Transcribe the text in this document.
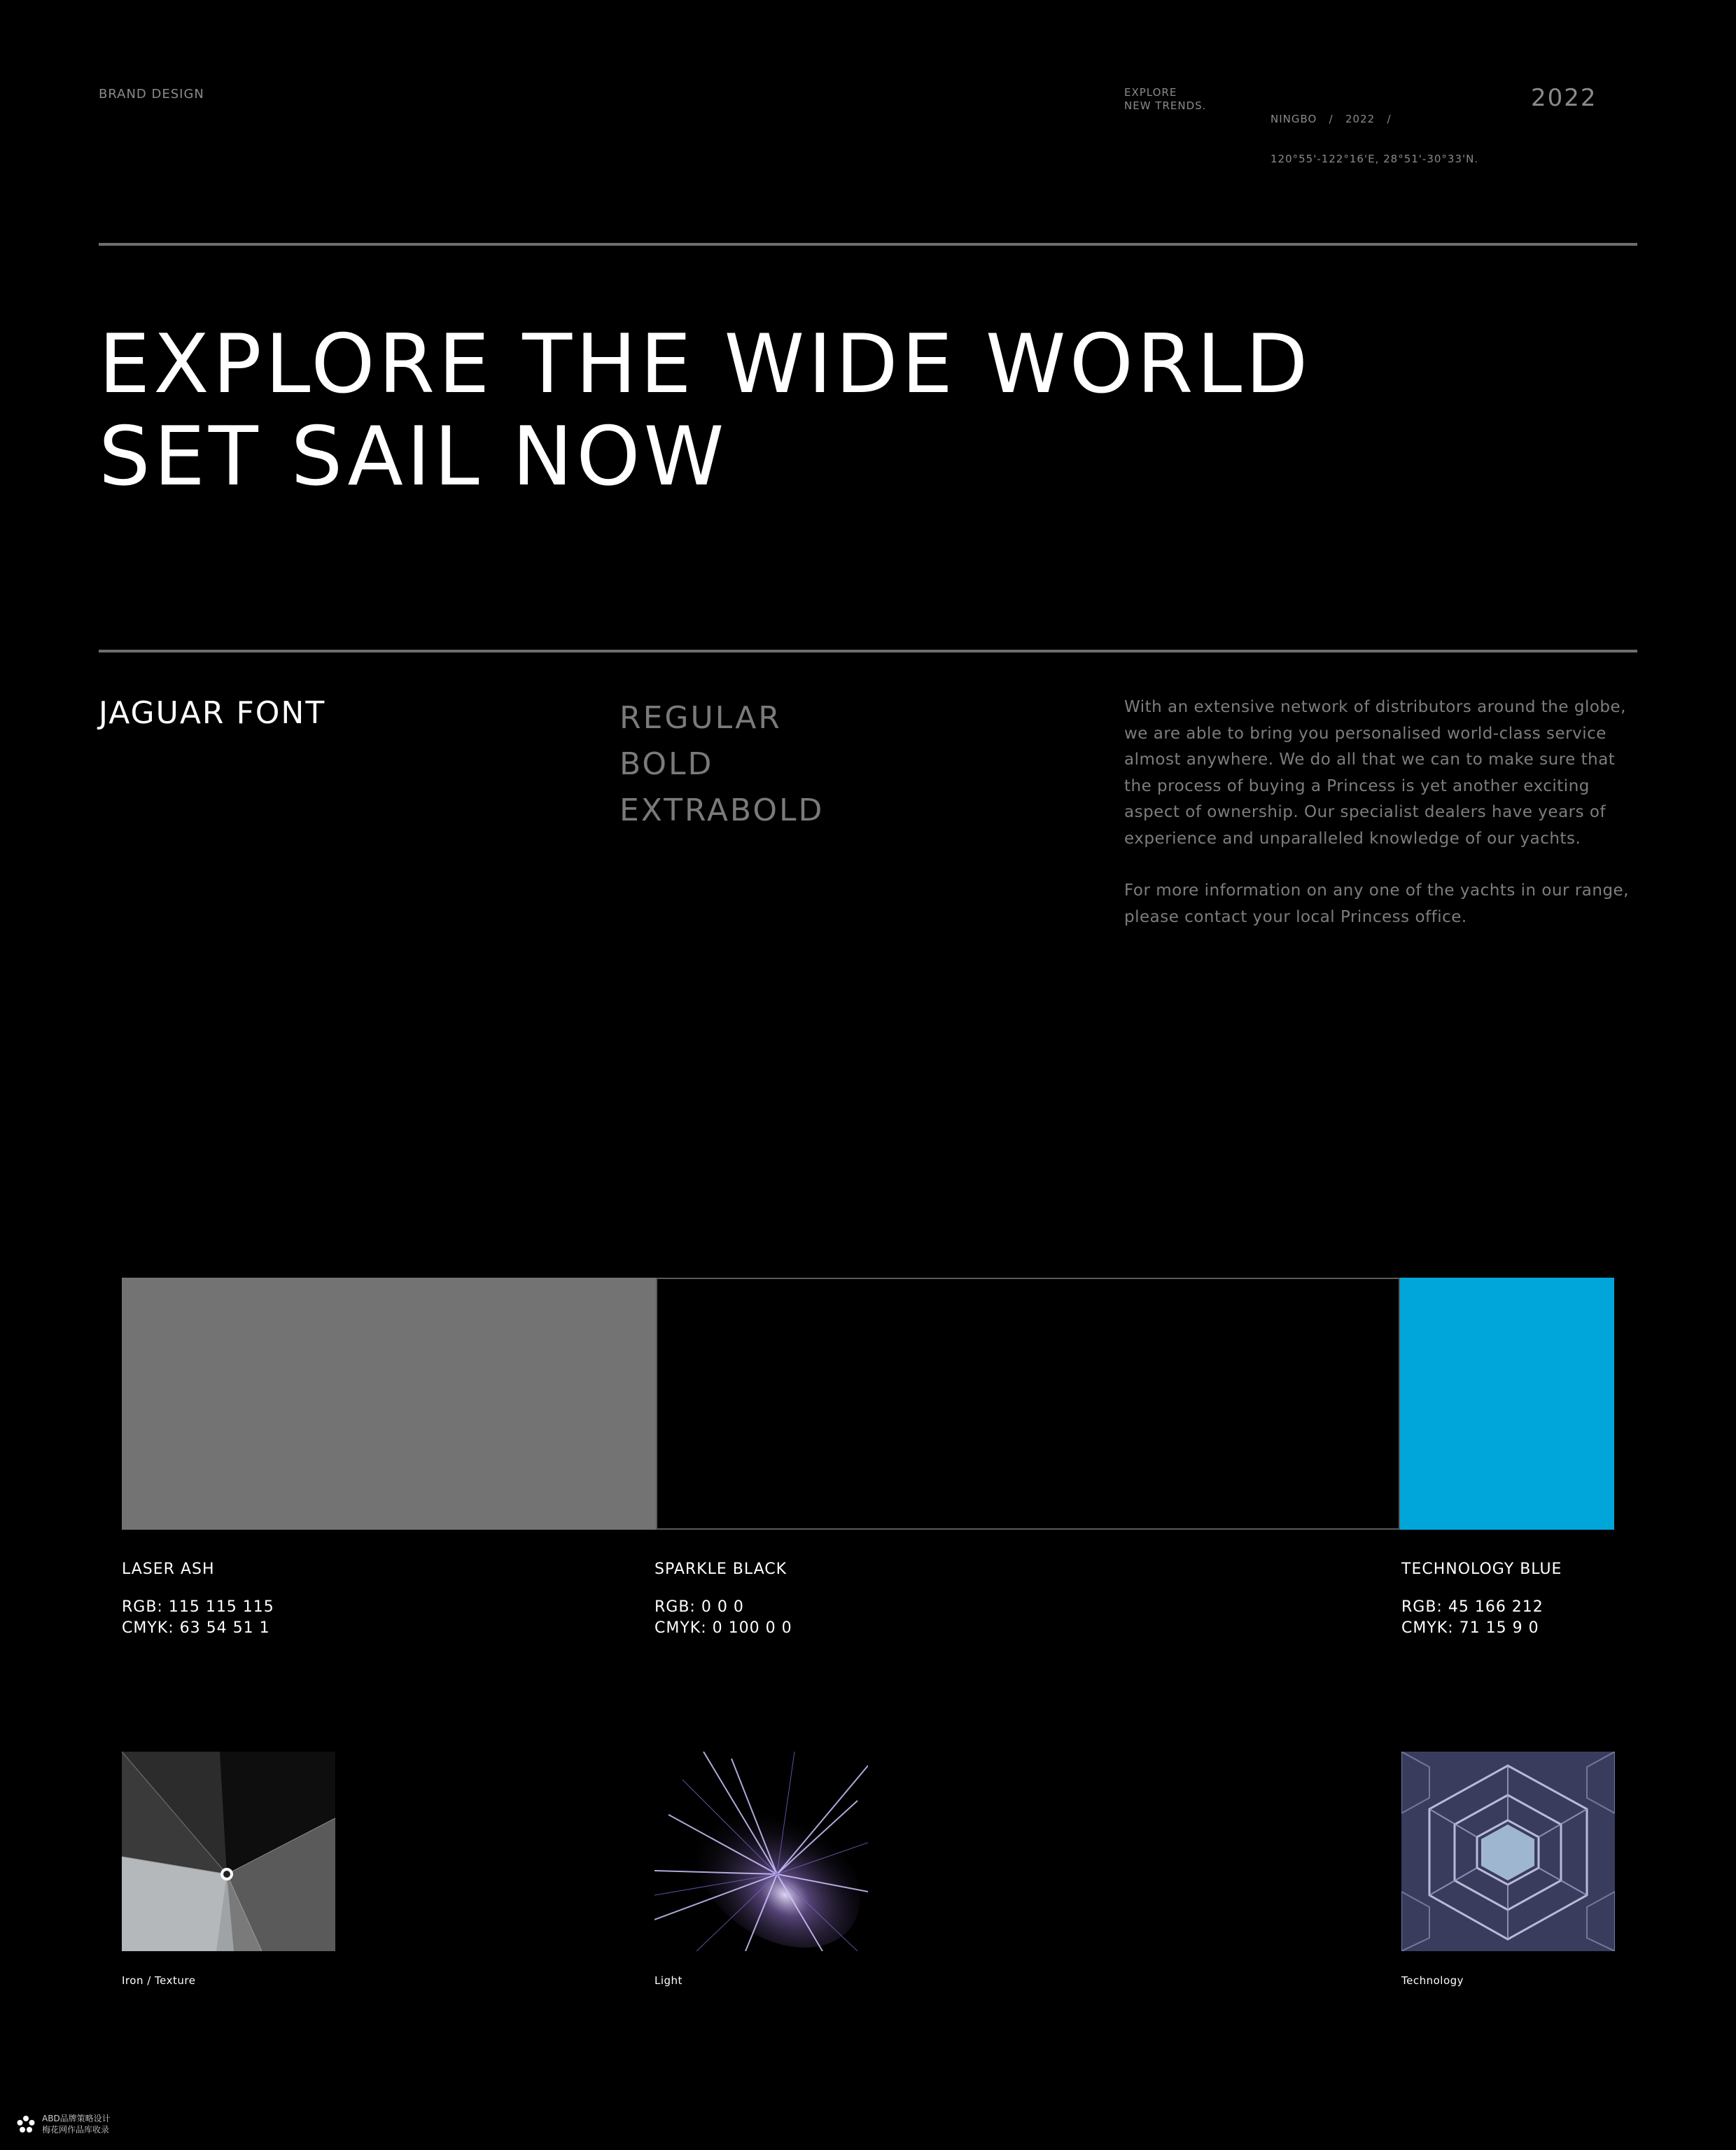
BRAND DESIGN	EXPLORE
NEW TRENDS.

NINGBO   /   2022   /

120°55'-122°16'E, 28°51'-30°33'N.

2022
EXPLORE THE WIDE WORLD
SET SAIL NOW
JAGUAR FONT	REGULAR
BOLD
EXTRABOLD

With an extensive network of distributors around the globe, we are able to bring you personalised world-class service almost anywhere. We do all that we can to make sure that the process of buying a Princess is yet another exciting aspect of ownership. Our specialist dealers have years of experience and unparalleled knowledge of our yachts.

For more information on any one of the yachts in our range, please contact your local Princess office.

LASER ASH
RGB: 115 115 115
CMYK: 63 54 51 1
SPARKLE BLACK
RGB: 0 0 0
CMYK: 0 100 0 0
TECHNOLOGY BLUE
RGB: 45 166 212
CMYK: 71 15 9 0
Iron / Texture	Light	Technology
ABD品牌策略设计
梅花网作品库收录
